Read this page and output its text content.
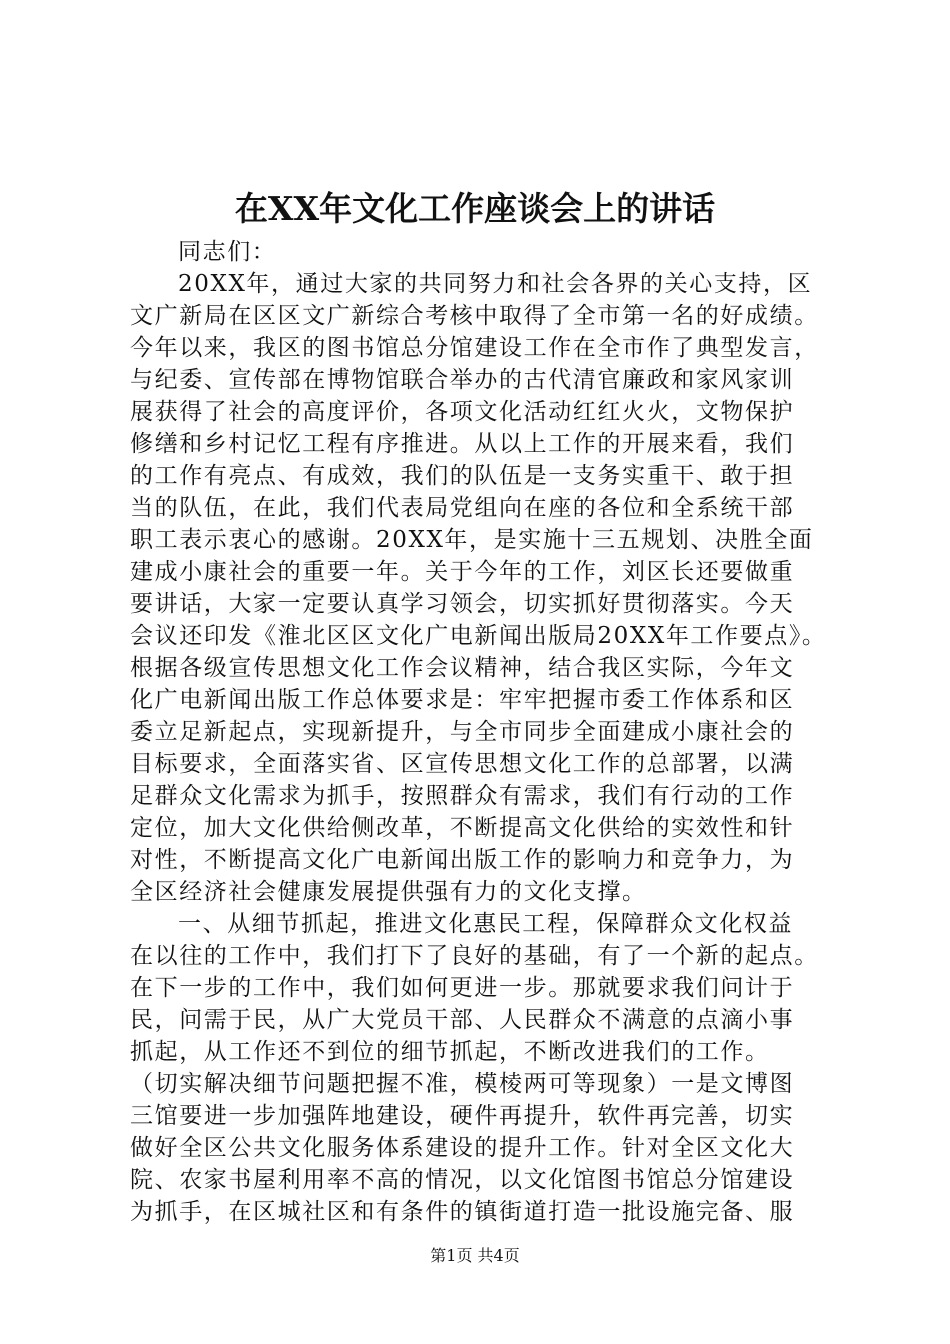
在XX年文化工作座谈会上的讲话
同志们：
20XX年，通过大家的共同努力和社会各界的关心支持，区
文广新局在区区文广新综合考核中取得了全市第一名的好成绩。
今年以来，我区的图书馆总分馆建设工作在全市作了典型发言，
与纪委、宣传部在博物馆联合举办的古代清官廉政和家风家训
展获得了社会的高度评价，各项文化活动红红火火，文物保护
修缮和乡村记忆工程有序推进。从以上工作的开展来看，我们
的工作有亮点、有成效，我们的队伍是一支务实重干、敢于担
当的队伍，在此，我们代表局党组向在座的各位和全系统干部
职工表示衷心的感谢。20XX年，是实施十三五规划、决胜全面
建成小康社会的重要一年。关于今年的工作，刘区长还要做重
要讲话，大家一定要认真学习领会，切实抓好贯彻落实。今天
会议还印发《淮北区区文化广电新闻出版局20XX年工作要点》。
根据各级宣传思想文化工作会议精神，结合我区实际，今年文
化广电新闻出版工作总体要求是：牢牢把握市委工作体系和区
委立足新起点，实现新提升，与全市同步全面建成小康社会的
目标要求，全面落实省、区宣传思想文化工作的总部署，以满
足群众文化需求为抓手，按照群众有需求，我们有行动的工作
定位，加大文化供给侧改革，不断提高文化供给的实效性和针
对性，不断提高文化广电新闻出版工作的影响力和竞争力，为
全区经济社会健康发展提供强有力的文化支撑。
一、从细节抓起，推进文化惠民工程，保障群众文化权益
在以往的工作中，我们打下了良好的基础，有了一个新的起点。
在下一步的工作中，我们如何更进一步。那就要求我们问计于
民，问需于民，从广大党员干部、人民群众不满意的点滴小事
抓起，从工作还不到位的细节抓起，不断改进我们的工作。
（切实解决细节问题把握不准，模棱两可等现象）一是文博图
三馆要进一步加强阵地建设，硬件再提升，软件再完善，切实
做好全区公共文化服务体系建设的提升工作。针对全区文化大
院、农家书屋利用率不高的情况，以文化馆图书馆总分馆建设
为抓手，在区城社区和有条件的镇街道打造一批设施完备、服
第1页 共4页
